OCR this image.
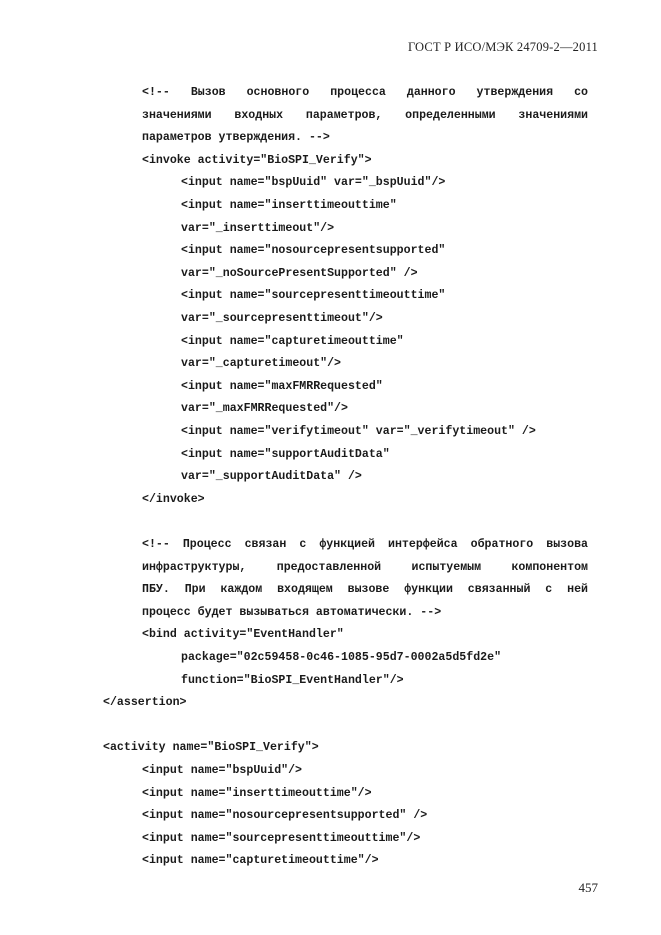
ГОСТ Р ИСО/МЭК 24709-2—2011
<!-- Вызов основного процесса данного утверждения со
значениями входных параметров, определенными значениями
параметров утверждения. -->
<invoke activity="BioSPI_Verify">
<input name="bspUuid" var="_bspUuid"/>
<input name="inserttimeouttime"
var="_inserttimeout"/>
<input name="nosourcepresentsupported"
var="_noSourcePresentSupported" />
<input name="sourcepresenttimeouttime"
var="_sourcepresenttimeout"/>
<input name="capturetimeouttime"
var="_capturetimeout"/>
<input name="maxFMRRequested"
var="_maxFMRRequested"/>
<input name="verifytimeout" var="_verifytimeout" />
<input name="supportAuditData"
var="_supportAuditData" />
</invoke>
<!-- Процесс связан с функцией интерфейса обратного вызова
инфраструктуры, предоставленной испытуемым компонентом
ПБУ. При каждом входящем вызове функции связанный с ней
процесс будет вызываться автоматически. -->
<bind activity="EventHandler"
package="02c59458-0c46-1085-95d7-0002a5d5fd2e"
function="BioSPI_EventHandler"/>
</assertion>
<activity name="BioSPI_Verify">
<input name="bspUuid"/>
<input name="inserttimeouttime"/>
<input name="nosourcepresentsupported" />
<input name="sourcepresenttimeouttime"/>
<input name="capturetimeouttime"/>
457
